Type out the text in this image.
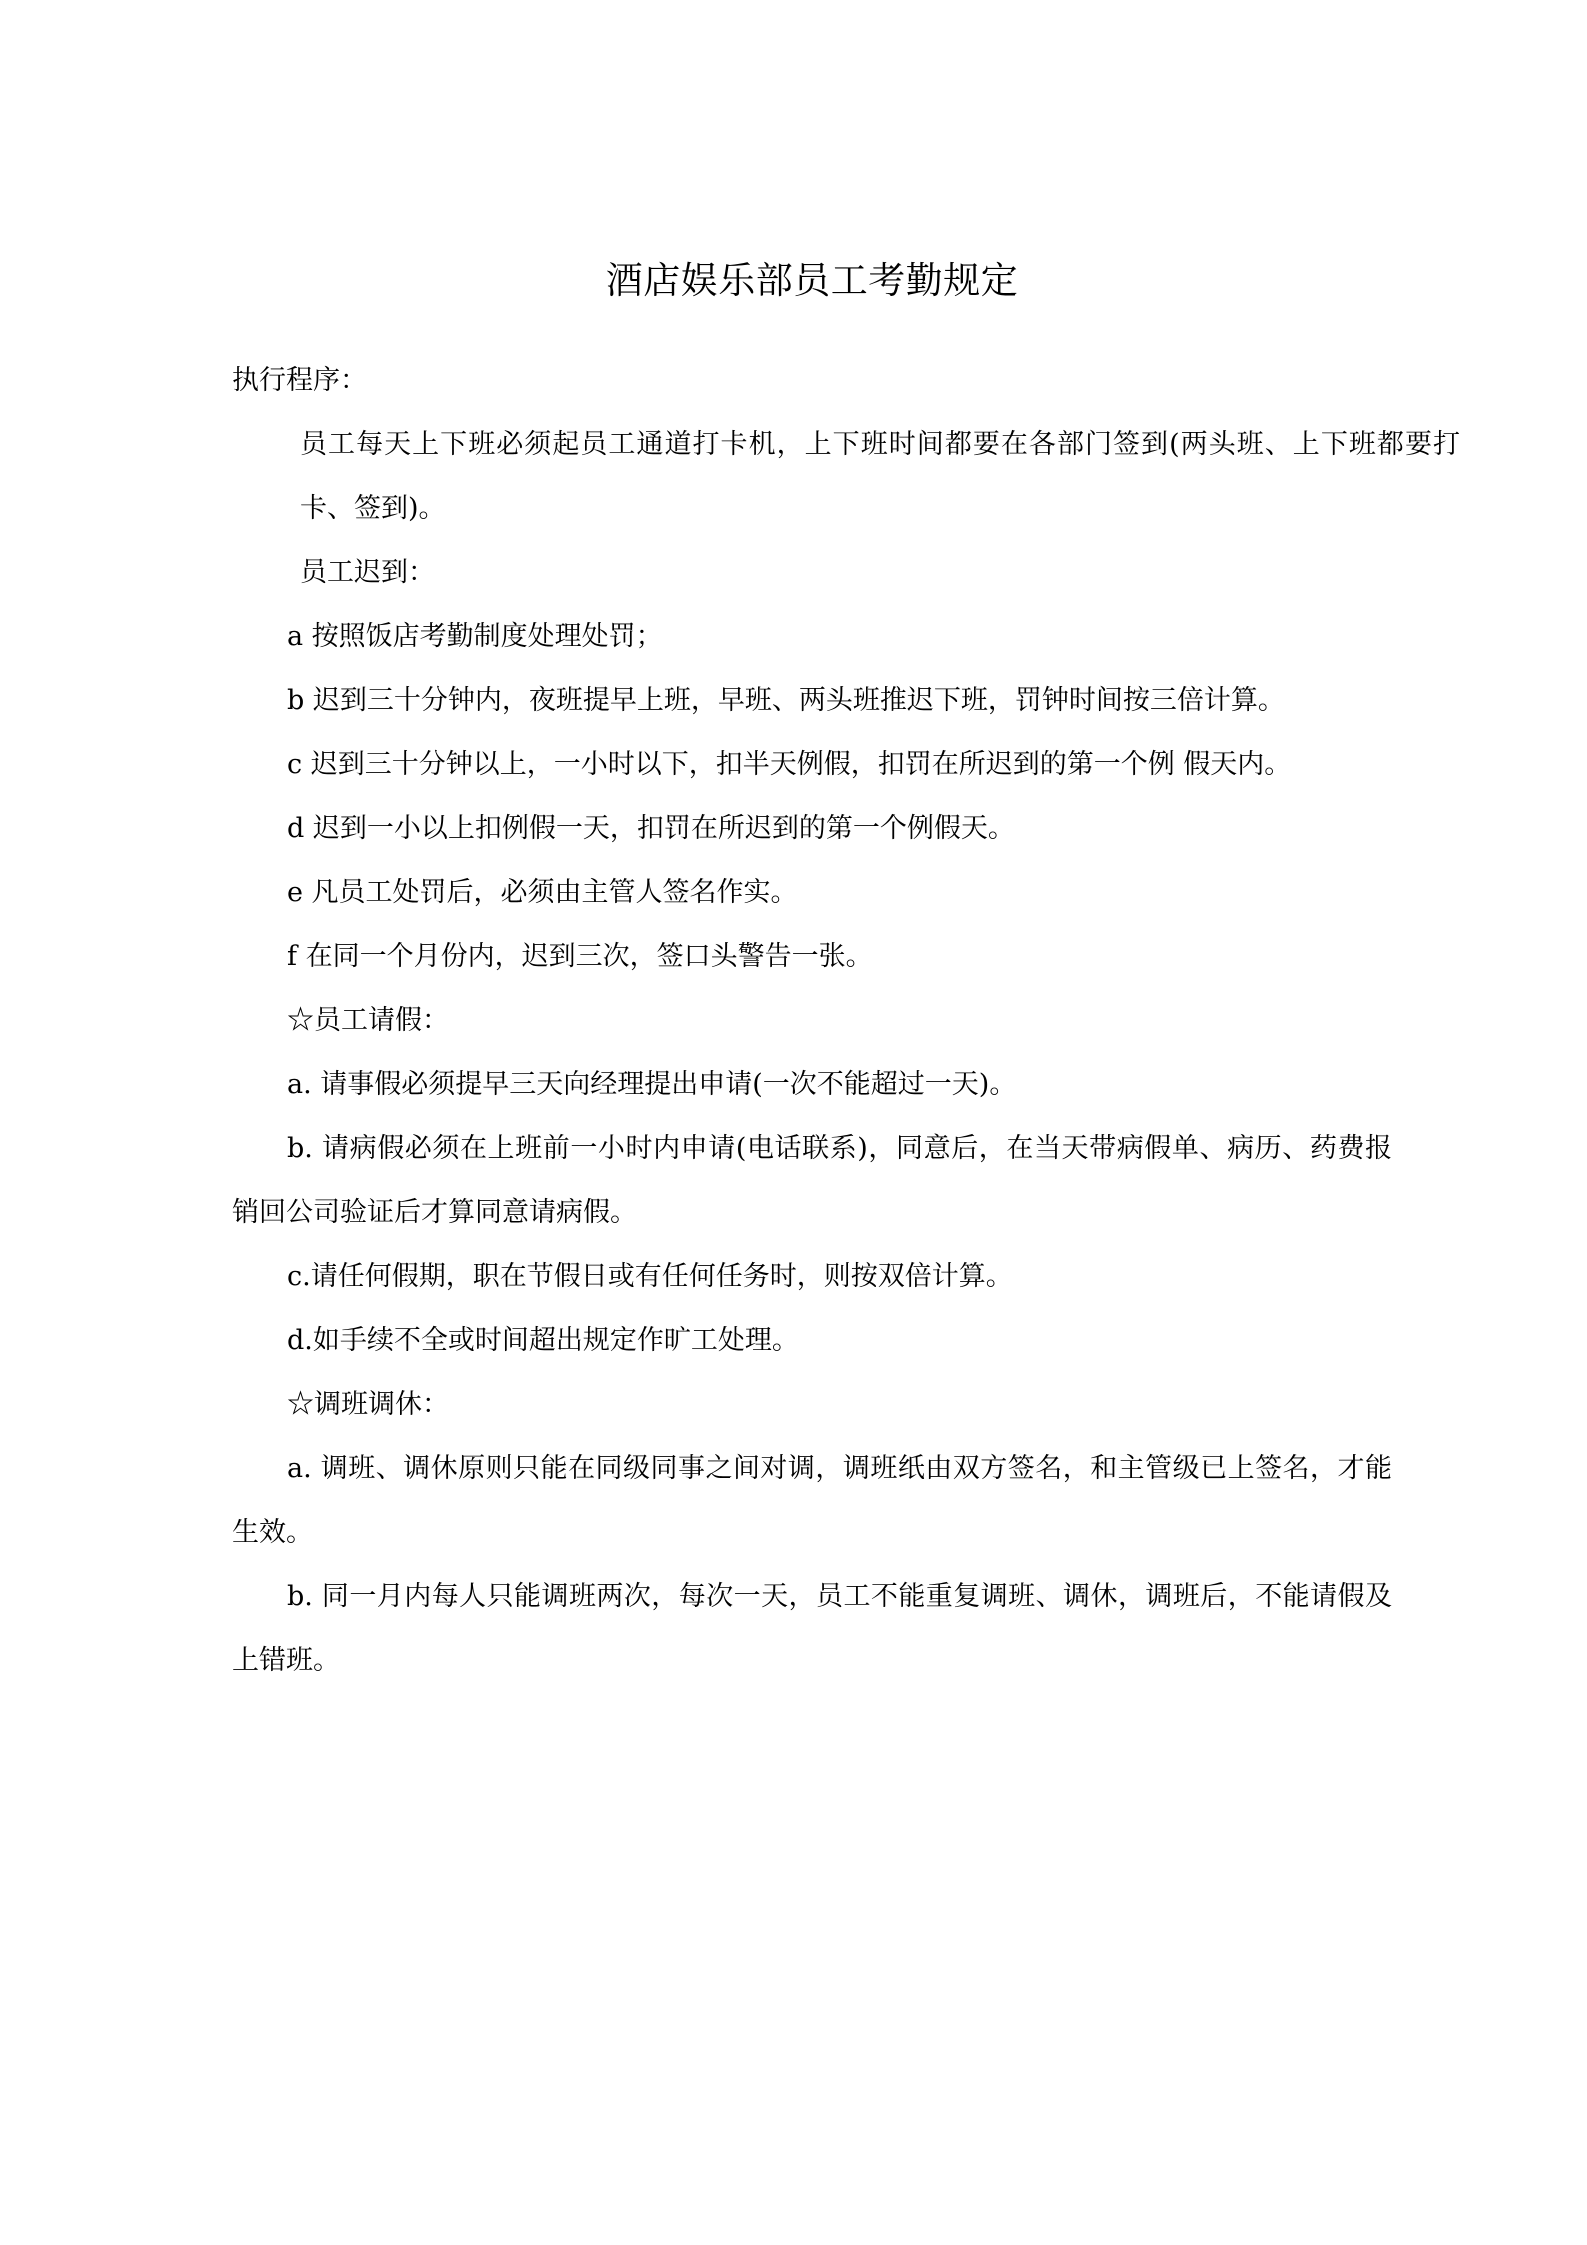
酒店娱乐部员工考勤规定

执行程序：

员工每天上下班必须起员工通道打卡机，上下班时间都要在各部门签到(两头班、上下班都要打卡、签到)。

员工迟到：

a 按照饭店考勤制度处理处罚；

b 迟到三十分钟内，夜班提早上班，早班、两头班推迟下班，罚钟时间按三倍计算。

c 迟到三十分钟以上，一小时以下，扣半天例假，扣罚在所迟到的第一个例 假天内。

d 迟到一小以上扣例假一天，扣罚在所迟到的第一个例假天。

e 凡员工处罚后，必须由主管人签名作实。

f 在同一个月份内，迟到三次，签口头警告一张。

☆员工请假：

a. 请事假必须提早三天向经理提出申请(一次不能超过一天)。

b. 请病假必须在上班前一小时内申请(电话联系)，同意后，在当天带病假单、病历、药费报销回公司验证后才算同意请病假。

c.请任何假期，职在节假日或有任何任务时，则按双倍计算。

d.如手续不全或时间超出规定作旷工处理。

☆调班调休：

a. 调班、调休原则只能在同级同事之间对调，调班纸由双方签名，和主管级已上签名，才能生效。

b. 同一月内每人只能调班两次，每次一天，员工不能重复调班、调休，调班后，不能请假及上错班。
